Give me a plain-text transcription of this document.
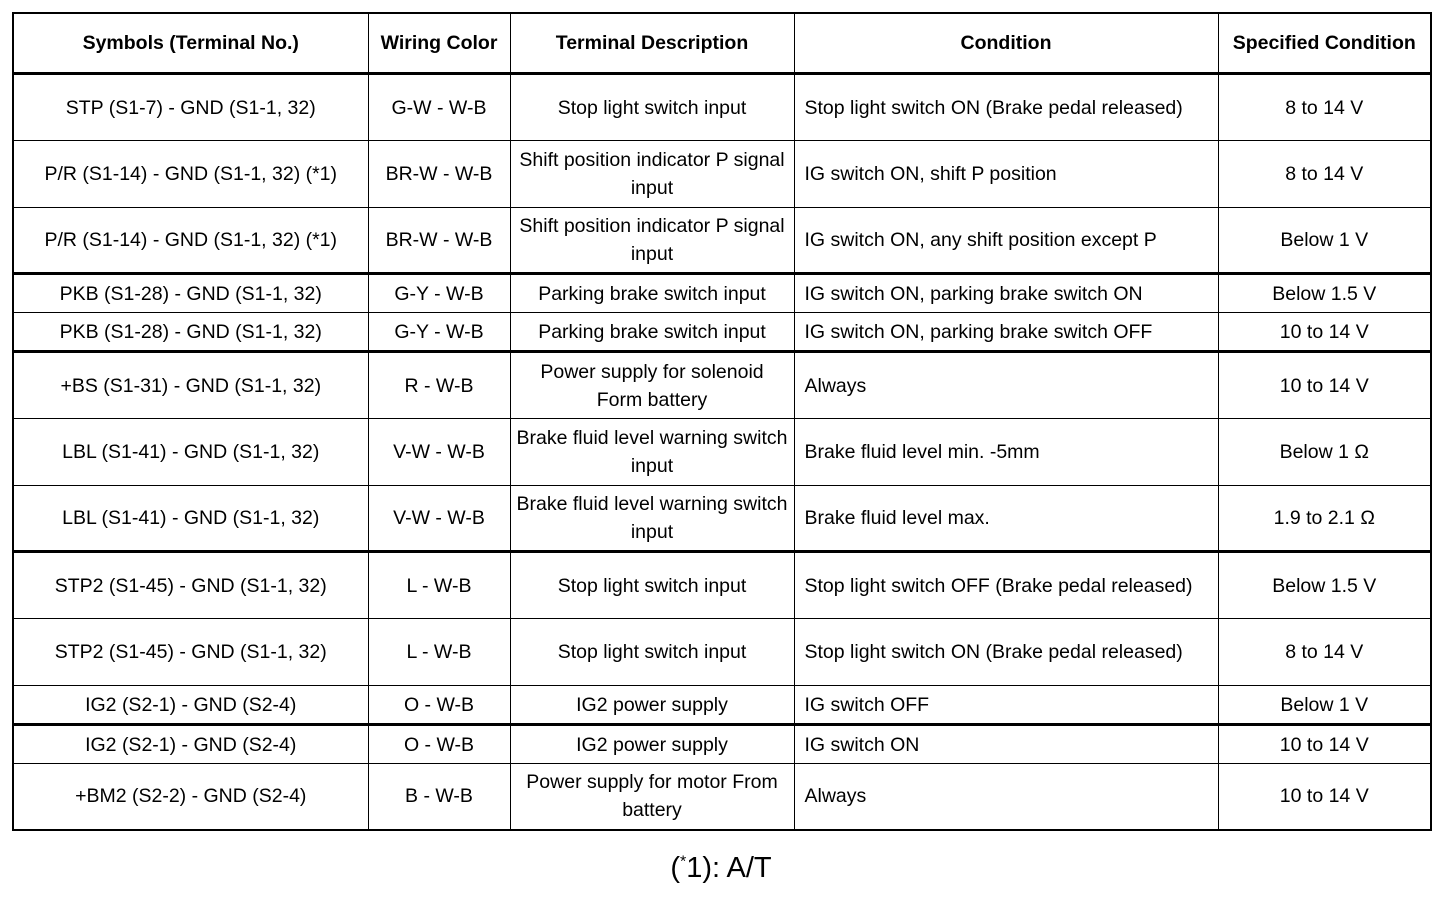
Symbols (Terminal No.)	Wiring Color	Terminal Description	Condition	Specified Condition
STP (S1-7) - GND (S1-1, 32)	G-W - W-B	Stop light switch input	Stop light switch ON (Brake pedal released)	8 to 14 V
P/R (S1-14) - GND (S1-1, 32) (*1)	BR-W - W-B	Shift position indicator P signal input	IG switch ON, shift P position	8 to 14 V
P/R (S1-14) - GND (S1-1, 32) (*1)	BR-W - W-B	Shift position indicator P signal input	IG switch ON, any shift position except P	Below 1 V
PKB (S1-28) - GND (S1-1, 32)	G-Y - W-B	Parking brake switch input	IG switch ON, parking brake switch ON	Below 1.5 V
PKB (S1-28) - GND (S1-1, 32)	G-Y - W-B	Parking brake switch input	IG switch ON, parking brake switch OFF	10 to 14 V
+BS (S1-31) - GND (S1-1, 32)	R - W-B	Power supply for solenoid Form battery	Always	10 to 14 V
LBL (S1-41) - GND (S1-1, 32)	V-W - W-B	Brake fluid level warning switch input	Brake fluid level min. -5mm	Below 1 Ω
LBL (S1-41) - GND (S1-1, 32)	V-W - W-B	Brake fluid level warning switch input	Brake fluid level max.	1.9 to 2.1 Ω
STP2 (S1-45) - GND (S1-1, 32)	L - W-B	Stop light switch input	Stop light switch OFF (Brake pedal released)	Below 1.5 V
STP2 (S1-45) - GND (S1-1, 32)	L - W-B	Stop light switch input	Stop light switch ON (Brake pedal released)	8 to 14 V
IG2 (S2-1) - GND (S2-4)	O - W-B	IG2 power supply	IG switch OFF	Below 1 V
IG2 (S2-1) - GND (S2-4)	O - W-B	IG2 power supply	IG switch ON	10 to 14 V
+BM2 (S2-2) - GND (S2-4)	B - W-B	Power supply for motor From battery	Always	10 to 14 V
(*1): A/T
